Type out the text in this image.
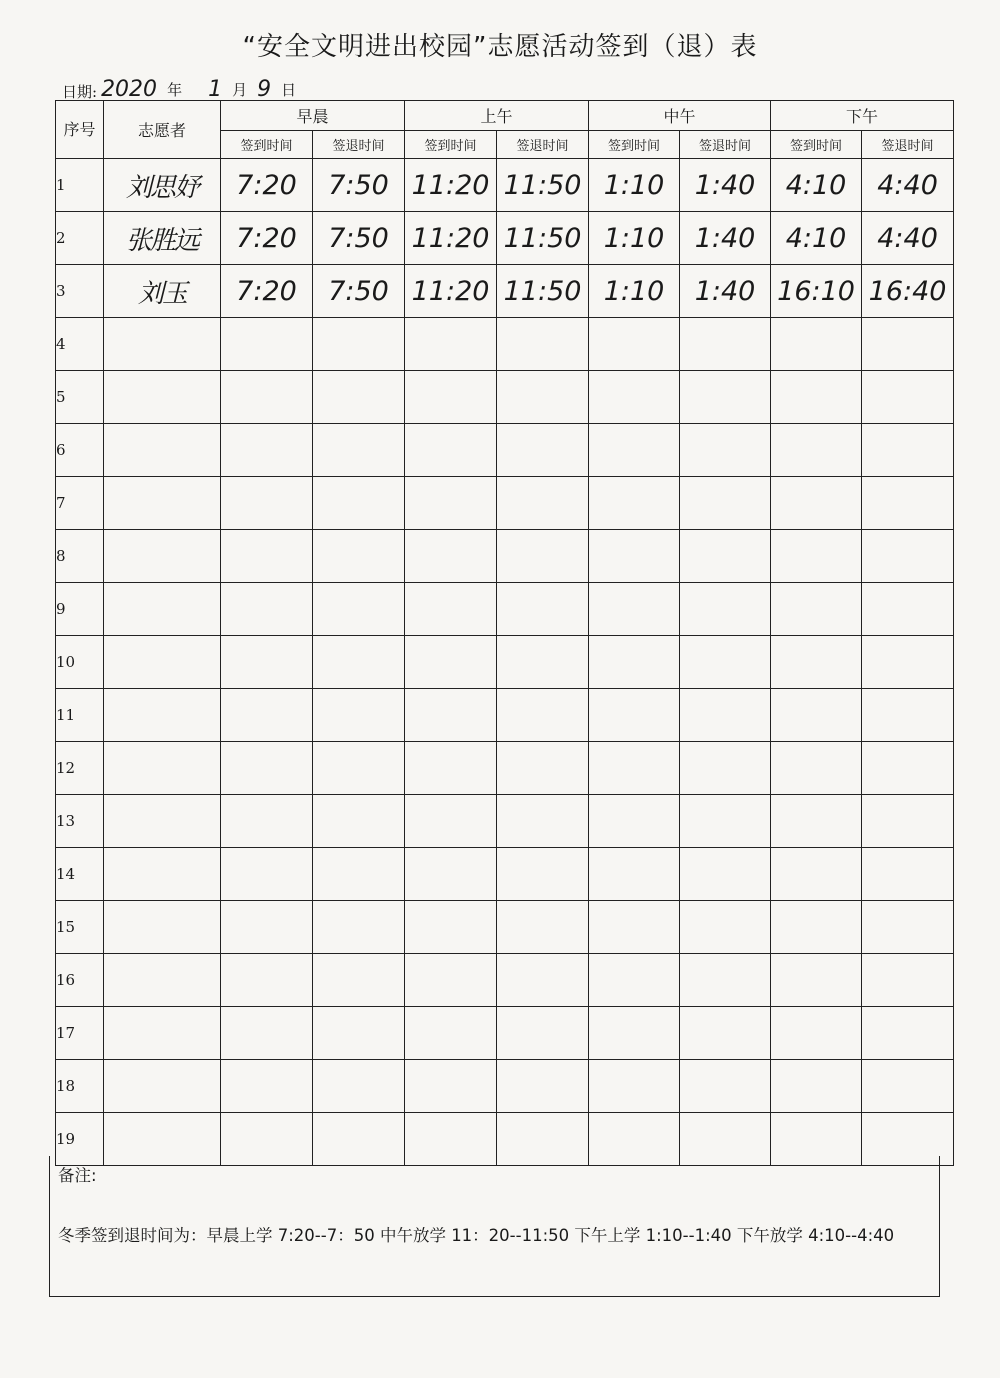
“安全文明进出校园”志愿活动签到（退）表
日期: 2020 年 1 月 9 日
序号	志愿者	早晨		上午		中午		下午	
		签到时间	签退时间	签到时间	签退时间	签到时间	签退时间	签到时间	签退时间
1	刘思妤	7:20	7:50	11:20	11:50	1:10	1:40	4:10	4:40
2	张胜远	7:20	7:50	11:20	11:50	1:10	1:40	4:10	4:40
3	刘玉	7:20	7:50	11:20	11:50	1:10	1:40	16:10	16:40
4									
5									
6									
7									
8									
9									
10									
11									
12									
13									
14									
15									
16									
17									
18									
19									
备注:
冬季签到退时间为：早晨上学 7:20--7：50 中午放学 11：20--11:50 下午上学 1:10--1:40 下午放学 4:10--4:40
